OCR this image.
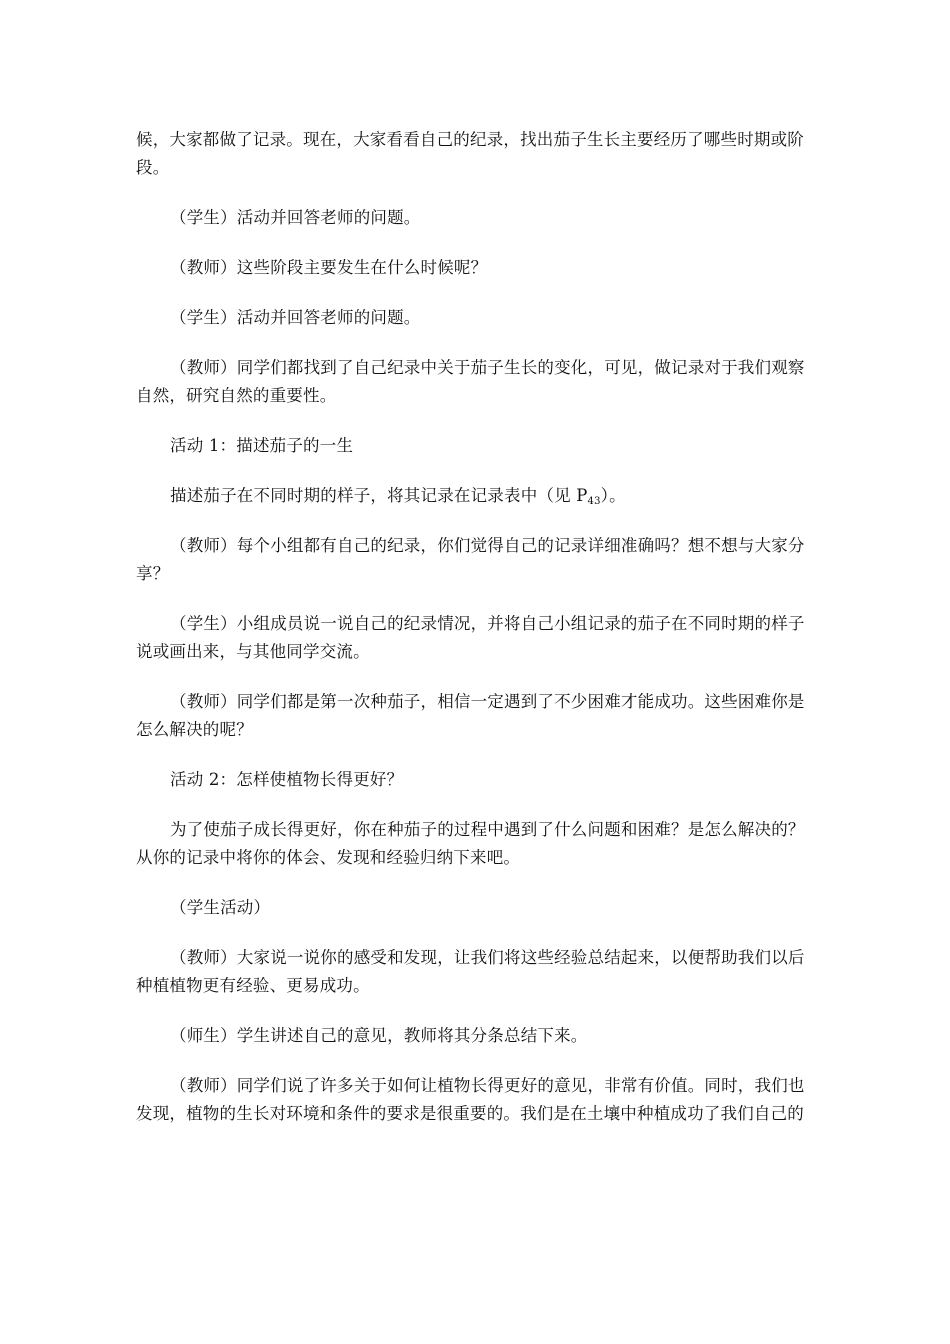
候，大家都做了记录。现在，大家看看自己的纪录，找出茄子生长主要经历了哪些时期或阶
段。
（学生）活动并回答老师的问题。
（教师）这些阶段主要发生在什么时候呢？
（学生）活动并回答老师的问题。
（教师）同学们都找到了自己纪录中关于茄子生长的变化，可见，做记录对于我们观察
自然，研究自然的重要性。
活动 1：描述茄子的一生
描述茄子在不同时期的样子，将其记录在记录表中（见 $P_{43}$）。
（教师）每个小组都有自己的纪录，你们觉得自己的记录详细准确吗？想不想与大家分
享？
（学生）小组成员说一说自己的纪录情况，并将自己小组记录的茄子在不同时期的样子
说或画出来，与其他同学交流。
（教师）同学们都是第一次种茄子，相信一定遇到了不少困难才能成功。这些困难你是
怎么解决的呢？
活动 2：怎样使植物长得更好？
为了使茄子成长得更好，你在种茄子的过程中遇到了什么问题和困难？是怎么解决的？
从你的记录中将你的体会、发现和经验归纳下来吧。
（学生活动）
（教师）大家说一说你的感受和发现，让我们将这些经验总结起来，以便帮助我们以后
种植植物更有经验、更易成功。
（师生）学生讲述自己的意见，教师将其分条总结下来。
（教师）同学们说了许多关于如何让植物长得更好的意见，非常有价值。同时，我们也
发现，植物的生长对环境和条件的要求是很重要的。我们是在土壤中种植成功了我们自己的
